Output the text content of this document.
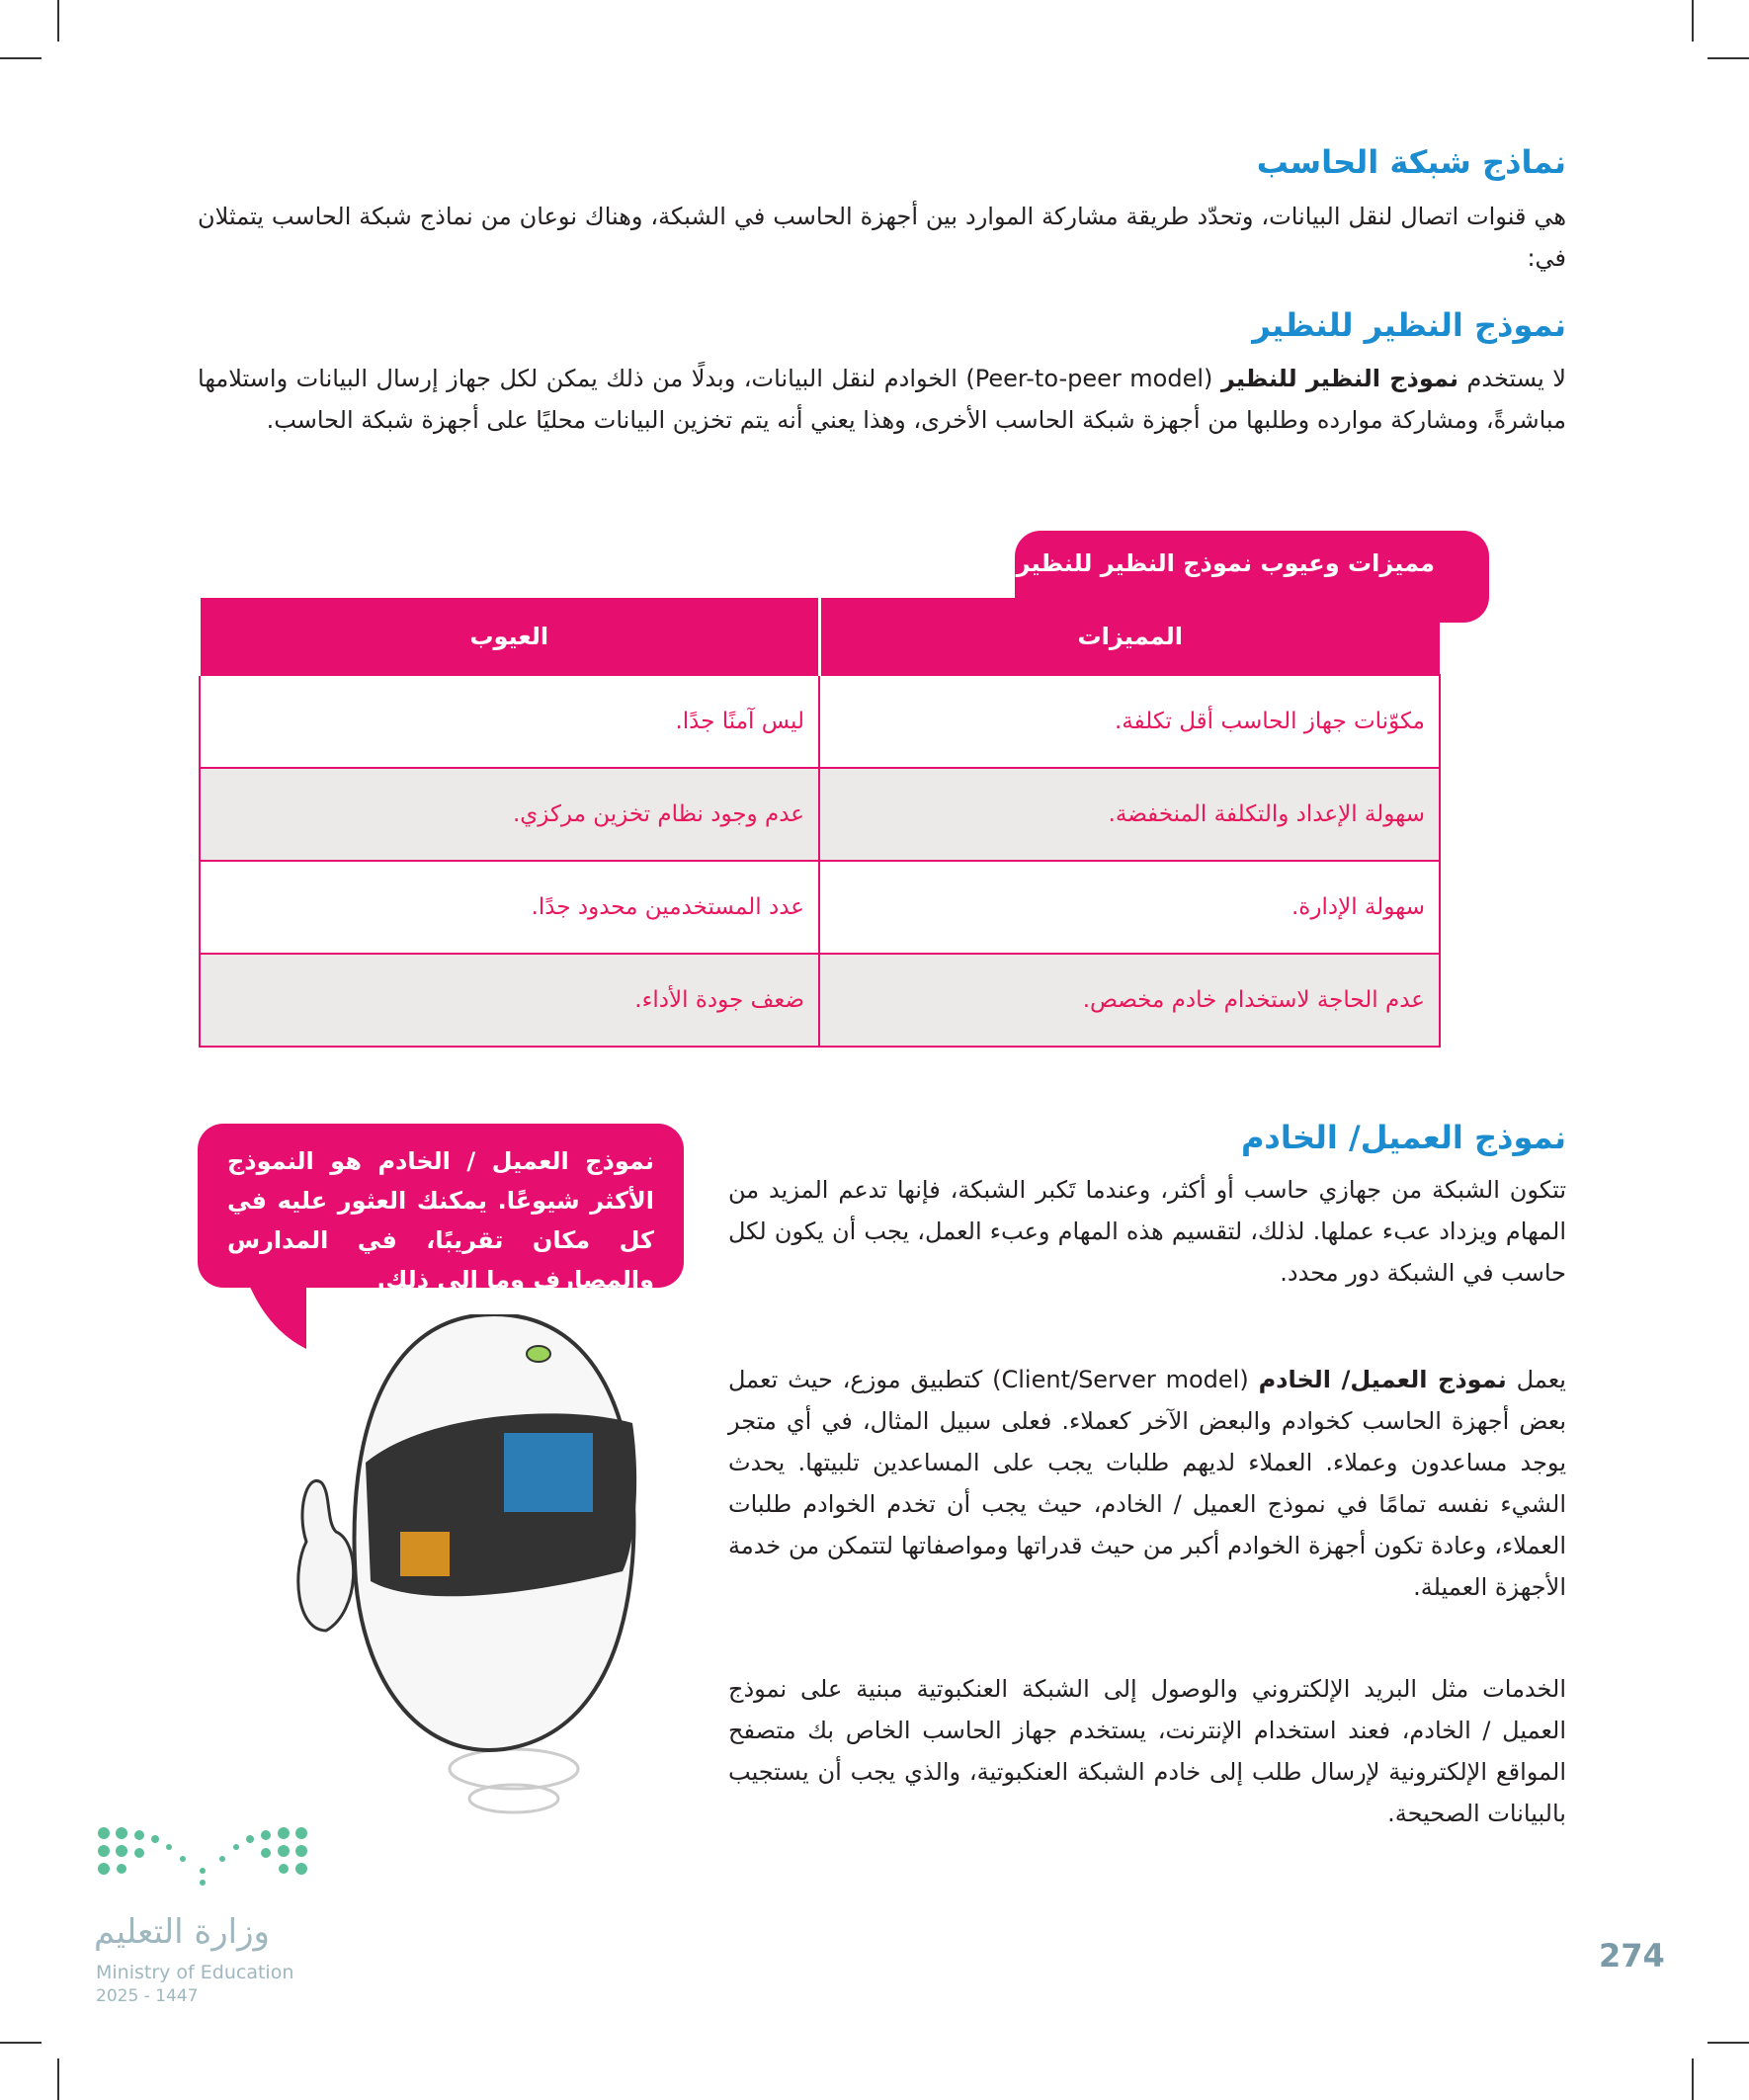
نماذج شبكة الحاسب

هي قنوات اتصال لنقل البيانات، وتحدّد طريقة مشاركة الموارد بين أجهزة الحاسب في الشبكة، وهناك نوعان من نماذج شبكة الحاسب يتمثلان في:

نموذج النظير للنظير

لا يستخدم نموذج النظير للنظير (Peer-to-peer model) الخوادم لنقل البيانات، وبدلًا من ذلك يمكن لكل جهاز إرسال البيانات واستلامها مباشرةً، ومشاركة موارده وطلبها من أجهزة شبكة الحاسب الأخرى، وهذا يعني أنه يتم تخزين البيانات محليًا على أجهزة شبكة الحاسب.

مميزات وعيوب نموذج النظير للنظير:
المميزات	العيوب
مكوّنات جهاز الحاسب أقل تكلفة.	ليس آمنًا جدًا.
سهولة الإعداد والتكلفة المنخفضة.	عدم وجود نظام تخزين مركزي.
سهولة الإدارة.	عدد المستخدمين محدود جدًا.
عدم الحاجة لاستخدام خادم مخصص.	ضعف جودة الأداء.
نموذج العميل/ الخادم

تتكون الشبكة من جهازي حاسب أو أكثر، وعندما تَكبر الشبكة، فإنها تدعم المزيد من المهام ويزداد عبء عملها. لذلك، لتقسيم هذه المهام وعبء العمل، يجب أن يكون لكل حاسب في الشبكة دور محدد.

يعمل نموذج العميل/ الخادم (Client/Server model) كتطبيق موزع، حيث تعمل بعض أجهزة الحاسب كخوادم والبعض الآخر كعملاء. فعلى سبيل المثال، في أي متجر يوجد مساعدون وعملاء. العملاء لديهم طلبات يجب على المساعدين تلبيتها. يحدث الشيء نفسه تمامًا في نموذج العميل / الخادم، حيث يجب أن تخدم الخوادم طلبات العملاء، وعادة تكون أجهزة الخوادم أكبر من حيث قدراتها ومواصفاتها لتتمكن من خدمة الأجهزة العميلة.

الخدمات مثل البريد الإلكتروني والوصول إلى الشبكة العنكبوتية مبنية على نموذج العميل / الخادم، فعند استخدام الإنترنت، يستخدم جهاز الحاسب الخاص بك متصفح المواقع الإلكترونية لإرسال طلب إلى خادم الشبكة العنكبوتية، والذي يجب أن يستجيب بالبيانات الصحيحة.

نموذج العميل / الخادم هو النموذج الأكثر شيوعًا. يمكنك العثور عليه في كل مكان تقريبًا، في المدارس والمصارف وما إلى ذلك.
وزارة التعليم
Ministry of Education
2025 - 1447
274
